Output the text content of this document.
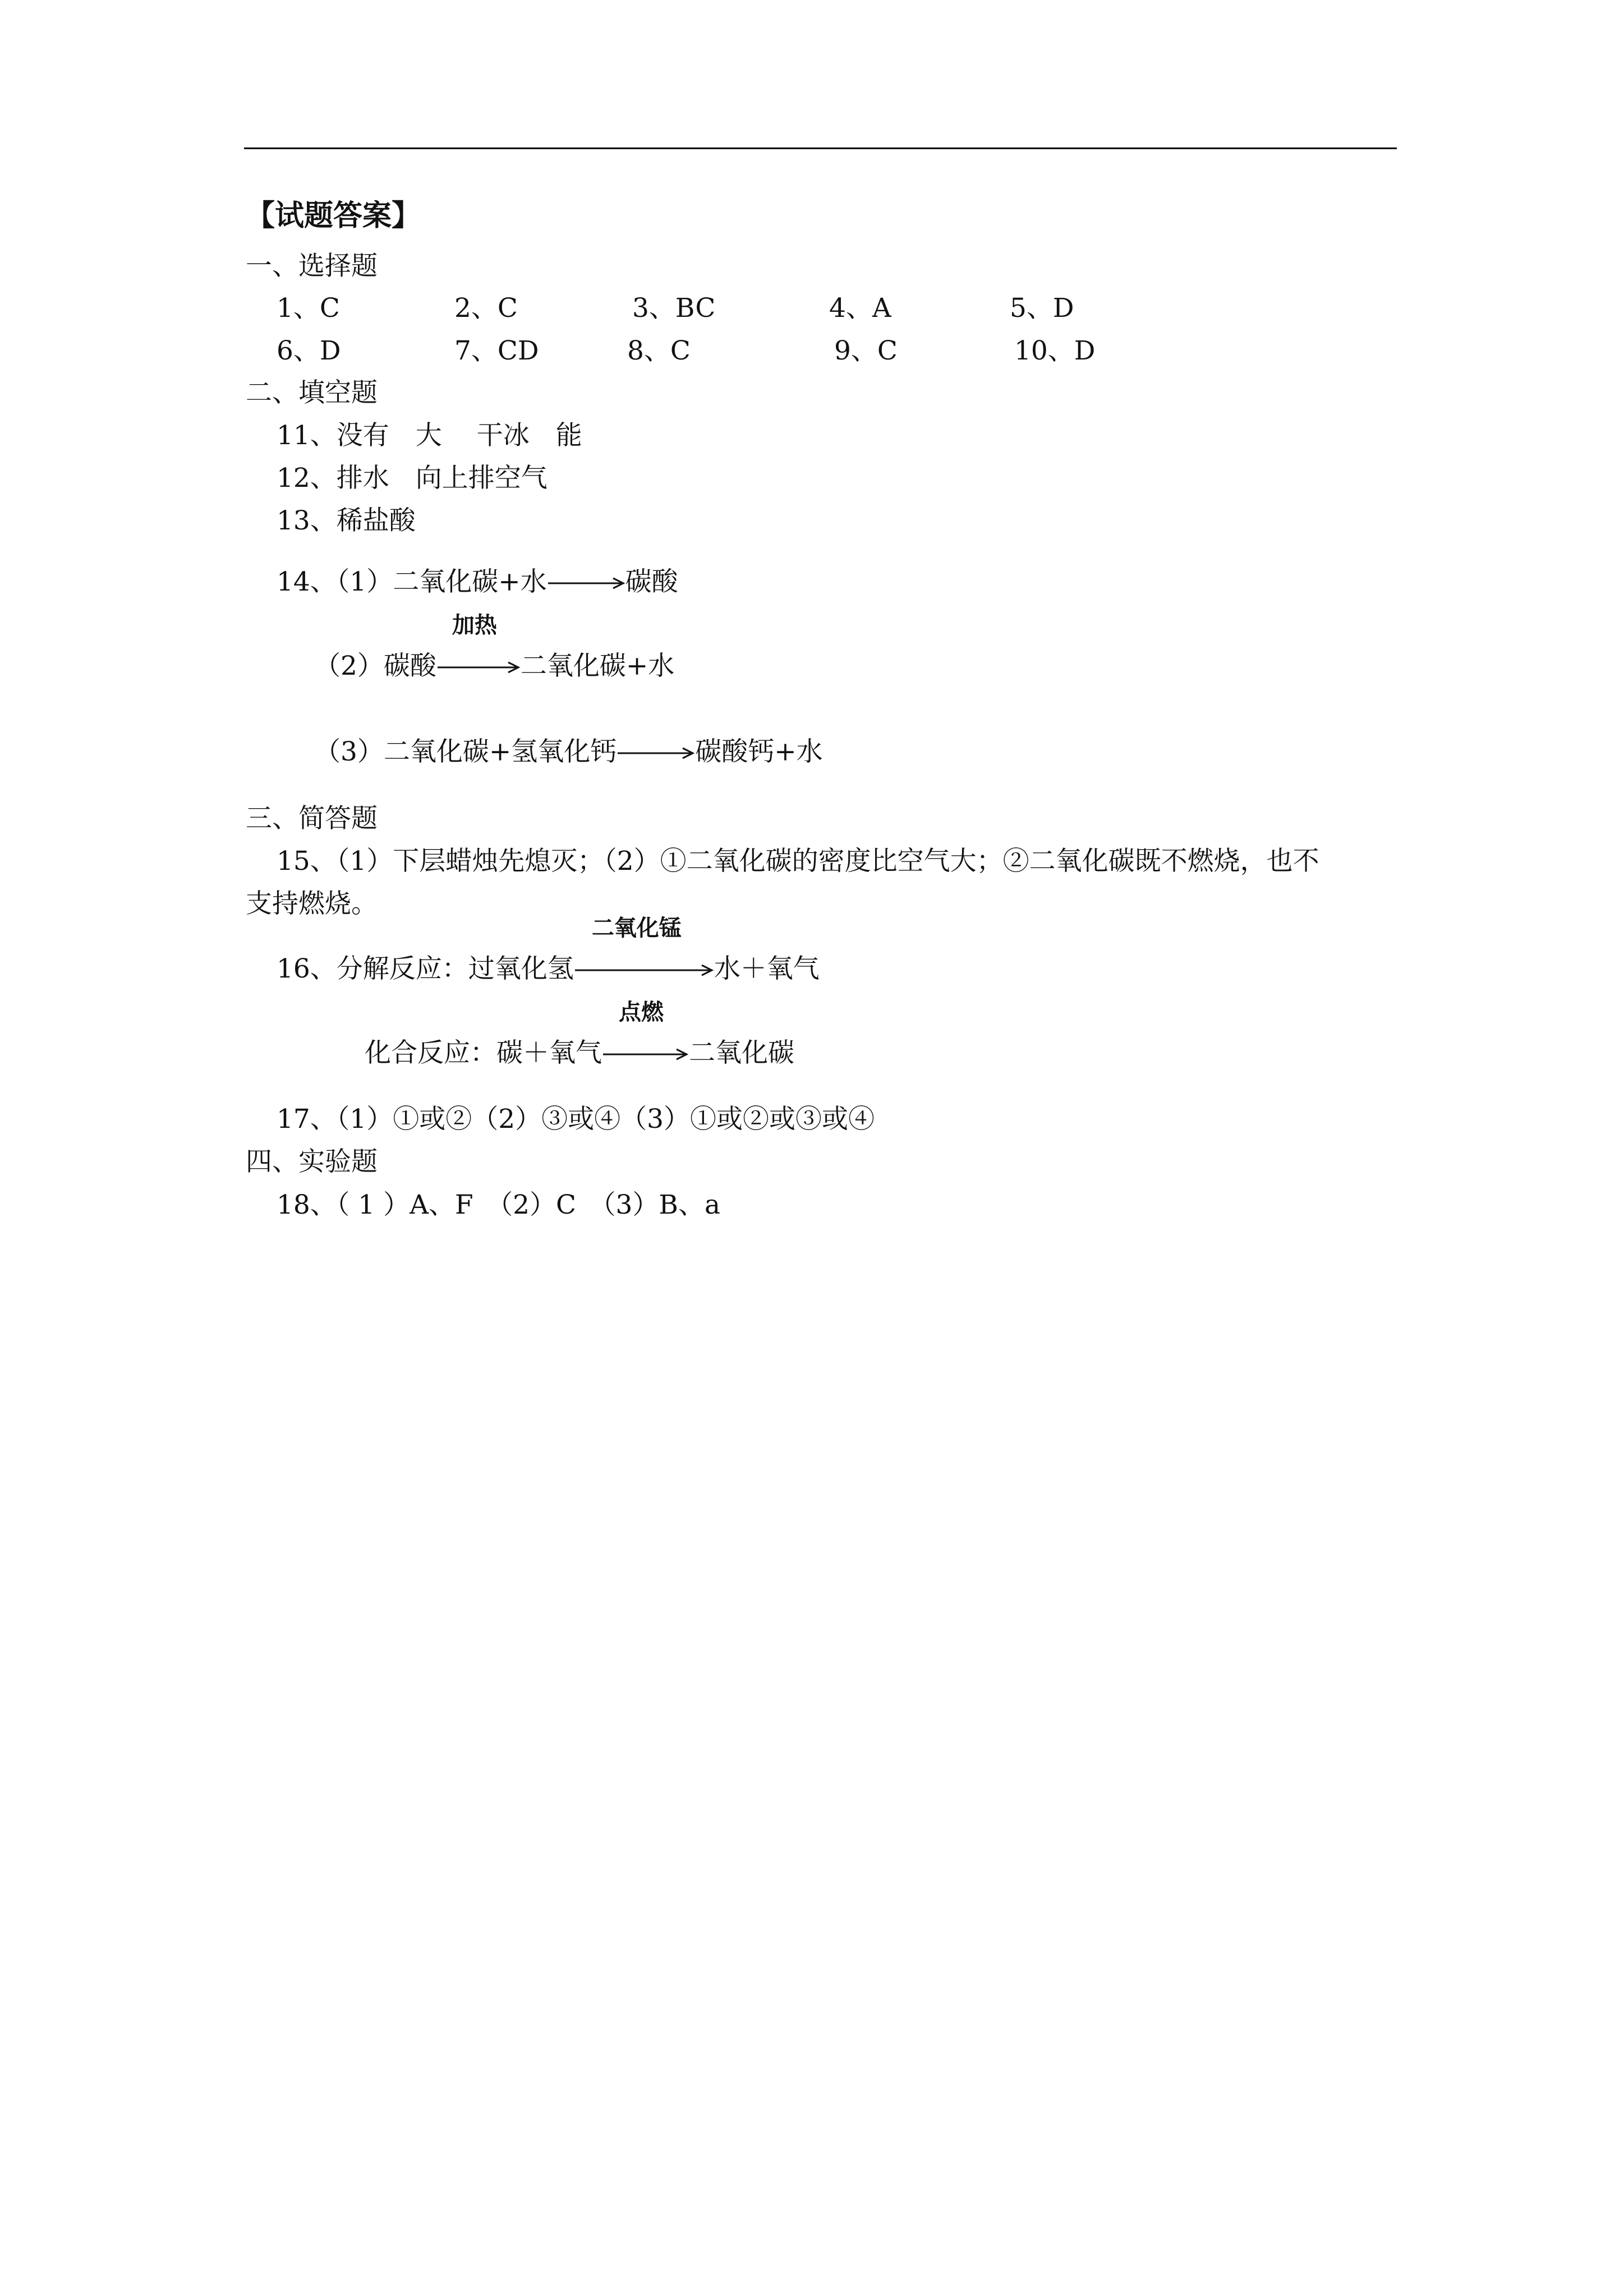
【试题答案】
一、选择题
1、C	2、C	3、BC	4、A	5、D
6、D	7、CD	8、C	9、C	10、D
二、填空题
11、没有　大　 干冰　能
12、排水　向上排空气
13、稀盐酸
14、（1）二氧化碳+水 → 碳酸
（2）碳酸
加热
二氧化碳+水
（3）二氧化碳+氢氧化钙 → 碳酸钙+水
三、简答题
15、（1）下层蜡烛先熄灭；（2）①二氧化碳的密度比空气大；②二氧化碳既不燃烧，也不
支持燃烧。
16、分解反应：过氧化氢
二氧化锰
水＋氧气
化合反应：碳＋氧气
点燃
二氧化碳
17、（1）①或②（2）③或④（3）①或②或③或④
四、实验题
18、（ 1 ）A、F　（2）C　（3）B、a
